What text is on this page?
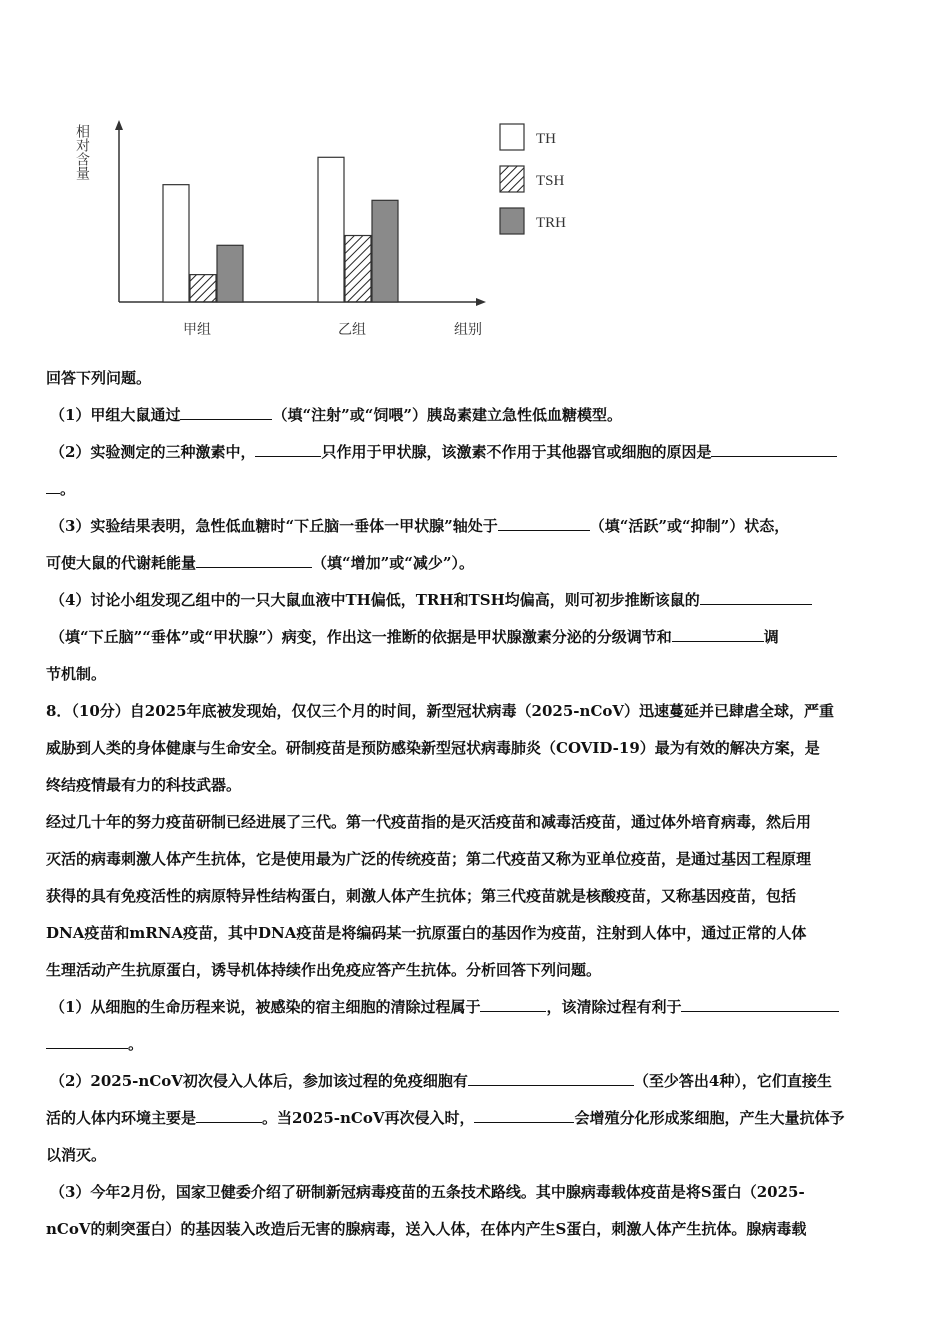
相对含量
组别
甲组	乙组
TH
TSH
TRH
回答下列问题。
（1）甲组大鼠通过	（填“注射”或“饲喂”）胰岛素建立急性低血糖模型。
（2）实验测定的三种激素中，	只作用于甲状腺，该激素不作用于其他器官或细胞的原因是
。
（3）实验结果表明，急性低血糖时“下丘脑一垂体一甲状腺”轴处于	（填“活跃”或“抑制”）状态，
可使大鼠的代谢耗能量	（填“增加”或“减少”）。
（4）讨论小组发现乙组中的一只大鼠血液中TH偏低，TRH和TSH均偏高，则可初步推断该鼠的
（填“下丘脑”“垂体”或“甲状腺”）病变，作出这一推断的依据是甲状腺激素分泌的分级调节和	调
节机制。
8．（10分）自2025年底被发现始，仅仅三个月的时间，新型冠状病毒（2025-nCoV）迅速蔓延并已肆虐全球，严重
威胁到人类的身体健康与生命安全。研制疫苗是预防感染新型冠状病毒肺炎（COVID-19）最为有效的解决方案，是
终结疫情最有力的科技武器。
经过几十年的努力疫苗研制已经进展了三代。第一代疫苗指的是灭活疫苗和减毒活疫苗，通过体外培育病毒，然后用
灭活的病毒刺激人体产生抗体，它是使用最为广泛的传统疫苗；第二代疫苗又称为亚单位疫苗，是通过基因工程原理
获得的具有免疫活性的病原特异性结构蛋白，刺激人体产生抗体；第三代疫苗就是核酸疫苗，又称基因疫苗，包括
DNA疫苗和mRNA疫苗，其中DNA疫苗是将编码某一抗原蛋白的基因作为疫苗，注射到人体中，通过正常的人体
生理活动产生抗原蛋白，诱导机体持续作出免疫应答产生抗体。分析回答下列问题。
（1）从细胞的生命历程来说，被感染的宿主细胞的清除过程属于	，该清除过程有利于
。
（2）2025-nCoV初次侵入人体后，参加该过程的免疫细胞有	（至少答出4种），它们直接生
活的人体内环境主要是	。当2025-nCoV再次侵入时，	会增殖分化形成浆细胞，产生大量抗体予
以消灭。
（3）今年2月份，国家卫健委介绍了研制新冠病毒疫苗的五条技术路线。其中腺病毒载体疫苗是将S蛋白（2025-
nCoV的刺突蛋白）的基因装入改造后无害的腺病毒，送入人体，在体内产生S蛋白，刺激人体产生抗体。腺病毒载
